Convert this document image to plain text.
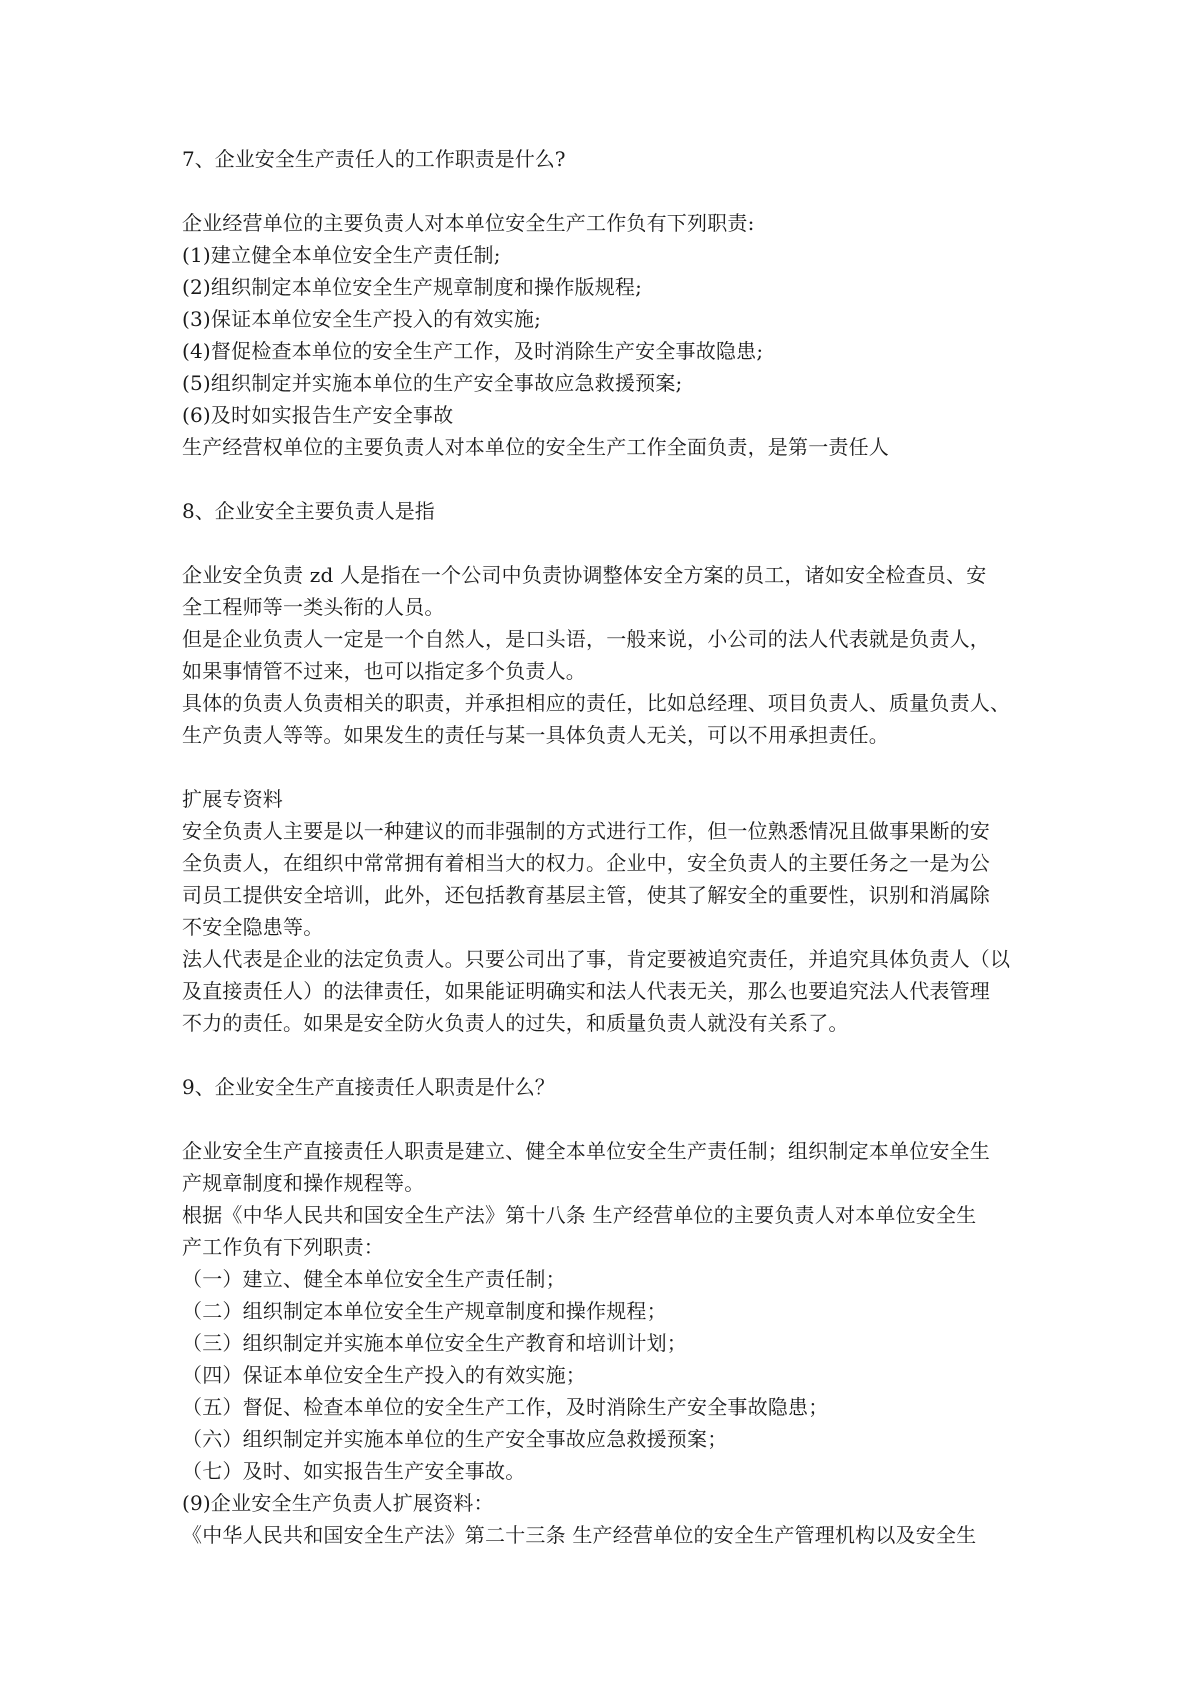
7、企业安全生产责任人的工作职责是什么?
企业经营单位的主要负责人对本单位安全生产工作负有下列职责:
(1)建立健全本单位安全生产责任制;
(2)组织制定本单位安全生产规章制度和操作版规程;
(3)保证本单位安全生产投入的有效实施;
(4)督促检查本单位的安全生产工作，及时消除生产安全事故隐患;
(5)组织制定并实施本单位的生产安全事故应急救援预案;
(6)及时如实报告生产安全事故
生产经营权单位的主要负责人对本单位的安全生产工作全面负责，是第一责任人
8、企业安全主要负责人是指
企业安全负责 zd 人是指在一个公司中负责协调整体安全方案的员工，诸如安全检查员、安
全工程师等一类头衔的人员。
但是企业负责人一定是一个自然人，是口头语，一般来说，小公司的法人代表就是负责人，
如果事情管不过来，也可以指定多个负责人。
具体的负责人负责相关的职责，并承担相应的责任，比如总经理、项目负责人、质量负责人、
生产负责人等等。如果发生的责任与某一具体负责人无关，可以不用承担责任。
扩展专资料
安全负责人主要是以一种建议的而非强制的方式进行工作，但一位熟悉情况且做事果断的安
全负责人，在组织中常常拥有着相当大的权力。企业中，安全负责人的主要任务之一是为公
司员工提供安全培训，此外，还包括教育基层主管，使其了解安全的重要性，识别和消属除
不安全隐患等。
法人代表是企业的法定负责人。只要公司出了事，肯定要被追究责任，并追究具体负责人（以
及直接责任人）的法律责任，如果能证明确实和法人代表无关，那么也要追究法人代表管理
不力的责任。如果是安全防火负责人的过失，和质量负责人就没有关系了。
9、企业安全生产直接责任人职责是什么？
企业安全生产直接责任人职责是建立、健全本单位安全生产责任制；组织制定本单位安全生
产规章制度和操作规程等。
根据《中华人民共和国安全生产法》第十八条 生产经营单位的主要负责人对本单位安全生
产工作负有下列职责：
（一）建立、健全本单位安全生产责任制；
（二）组织制定本单位安全生产规章制度和操作规程；
（三）组织制定并实施本单位安全生产教育和培训计划；
（四）保证本单位安全生产投入的有效实施；
（五）督促、检查本单位的安全生产工作，及时消除生产安全事故隐患；
（六）组织制定并实施本单位的生产安全事故应急救援预案；
（七）及时、如实报告生产安全事故。
(9)企业安全生产负责人扩展资料：
《中华人民共和国安全生产法》第二十三条 生产经营单位的安全生产管理机构以及安全生
